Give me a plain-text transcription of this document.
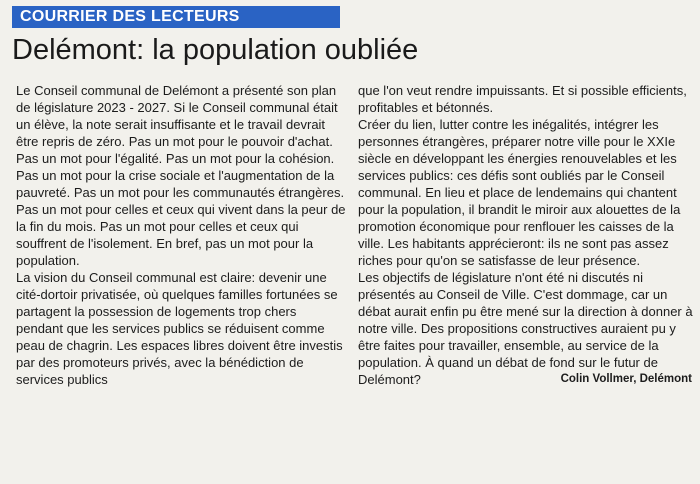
COURRIER DES LECTEURS
Delémont: la population oubliée

Le Conseil communal de Delémont a présenté son plan de législature 2023 - 2027. Si le Conseil communal était un élève, la note serait insuffisante et le travail devrait être repris de zéro. Pas un mot pour le pouvoir d'achat. Pas un mot pour l'égalité. Pas un mot pour la cohésion. Pas un mot pour la crise sociale et l'augmentation de la pauvreté. Pas un mot pour les communautés étrangères. Pas un mot pour celles et ceux qui vivent dans la peur de la fin du mois. Pas un mot pour celles et ceux qui souffrent de l'isolement. En bref, pas un mot pour la population.

La vision du Conseil communal est claire: devenir une cité-dortoir privatisée, où quelques familles fortunées se partagent la possession de logements trop chers pendant que les services publics se réduisent comme peau de chagrin. Les espaces libres doivent être investis par des promoteurs privés, avec la bénédiction de services publics

que l'on veut rendre impuissants. Et si possible efficients, profitables et bétonnés.

Créer du lien, lutter contre les inégalités, intégrer les personnes étrangères, préparer notre ville pour le XXIe siècle en développant les énergies renouvelables et les services publics: ces défis sont oubliés par le Conseil communal. En lieu et place de lendemains qui chantent pour la population, il brandit le miroir aux alouettes de la promotion économique pour renflouer les caisses de la ville. Les habitants apprécieront: ils ne sont pas assez riches pour qu'on se satisfasse de leur présence.

Les objectifs de législature n'ont été ni discutés ni présentés au Conseil de Ville. C'est dommage, car un débat aurait enfin pu être mené sur la direction à donner à notre ville. Des propositions constructives auraient pu y être faites pour travailler, ensemble, au service de la population. À quand un débat de fond sur le futur de Delémont?	Colin Vollmer, Delémont
